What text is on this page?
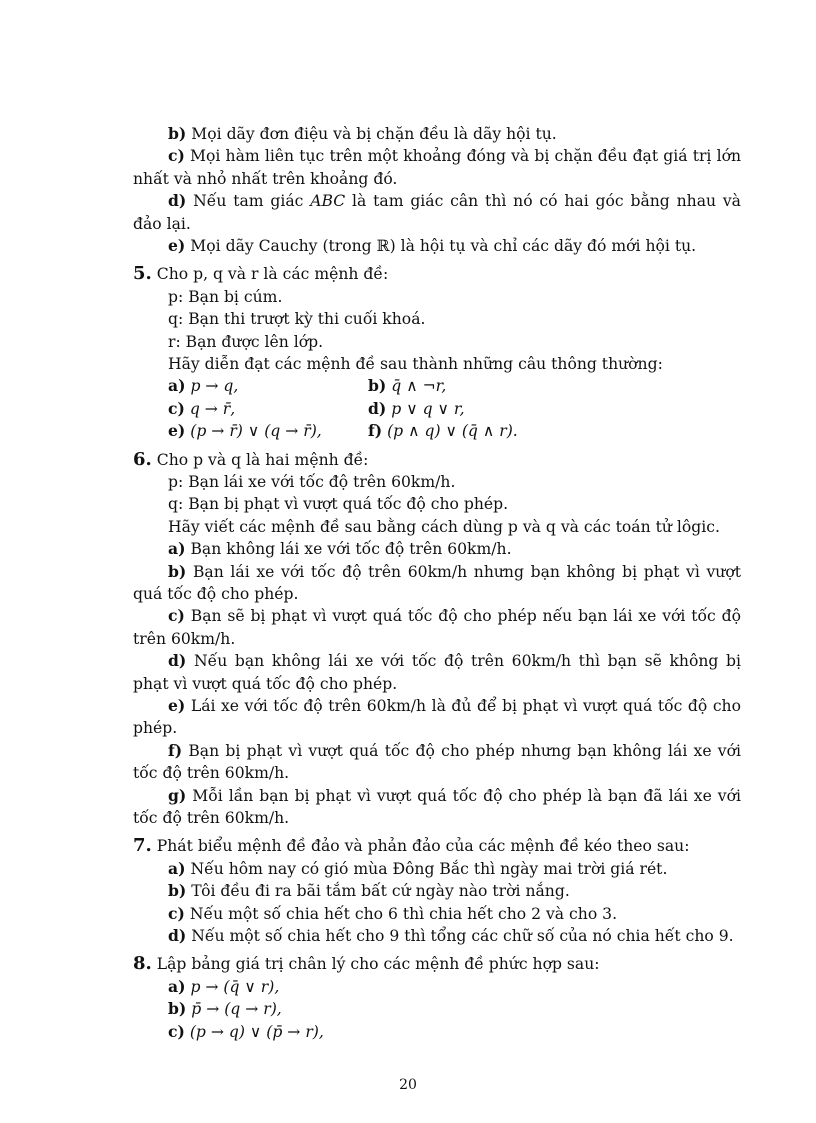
b) Mọi dãy đơn điệu và bị chặn đều là dãy hội tụ.
c) Mọi hàm liên tục trên một khoảng đóng và bị chặn đều đạt giá trị lớn nhất và nhỏ nhất trên khoảng đó.
d) Nếu tam giác ABC là tam giác cân thì nó có hai góc bằng nhau và đảo lại.
e) Mọi dãy Cauchy (trong ℝ) là hội tụ và chỉ các dãy đó mới hội tụ.
5. Cho p, q và r là các mệnh đề:
p: Bạn bị cúm.
q: Bạn thi trượt kỳ thi cuối khoá.
r: Bạn được lên lớp.
Hãy diễn đạt các mệnh đề sau thành những câu thông thường:
a) p → q,	b) q̄ ∧ ¬r,
c) q → r̄,	d) p ∨ q ∨ r,
e) (p → r̄) ∨ (q → r̄),	f) (p ∧ q) ∨ (q̄ ∧ r).
6. Cho p và q là hai mệnh đề:
p: Bạn lái xe với tốc độ trên 60km/h.
q: Bạn bị phạt vì vượt quá tốc độ cho phép.
Hãy viết các mệnh đề sau bằng cách dùng p và q và các toán tử lôgic.
a) Bạn không lái xe với tốc độ trên 60km/h.
b) Bạn lái xe với tốc độ trên 60km/h nhưng bạn không bị phạt vì vượt quá tốc độ cho phép.
c) Bạn sẽ bị phạt vì vượt quá tốc độ cho phép nếu bạn lái xe với tốc độ trên 60km/h.
d) Nếu bạn không lái xe với tốc độ trên 60km/h thì bạn sẽ không bị phạt vì vượt quá tốc độ cho phép.
e) Lái xe với tốc độ trên 60km/h là đủ để bị phạt vì vượt quá tốc độ cho phép.
f) Bạn bị phạt vì vượt quá tốc độ cho phép nhưng bạn không lái xe với tốc độ trên 60km/h.
g) Mỗi lần bạn bị phạt vì vượt quá tốc độ cho phép là bạn đã lái xe với tốc độ trên 60km/h.
7. Phát biểu mệnh đề đảo và phản đảo của các mệnh đề kéo theo sau:
a) Nếu hôm nay có gió mùa Đông Bắc thì ngày mai trời giá rét.
b) Tôi đều đi ra bãi tắm bất cứ ngày nào trời nắng.
c) Nếu một số chia hết cho 6 thì chia hết cho 2 và cho 3.
d) Nếu một số chia hết cho 9 thì tổng các chữ số của nó chia hết cho 9.
8. Lập bảng giá trị chân lý cho các mệnh đề phức hợp sau:
a) p → (q̄ ∨ r),
b) p̄ → (q → r),
c) (p → q) ∨ (p̄ → r),
20
